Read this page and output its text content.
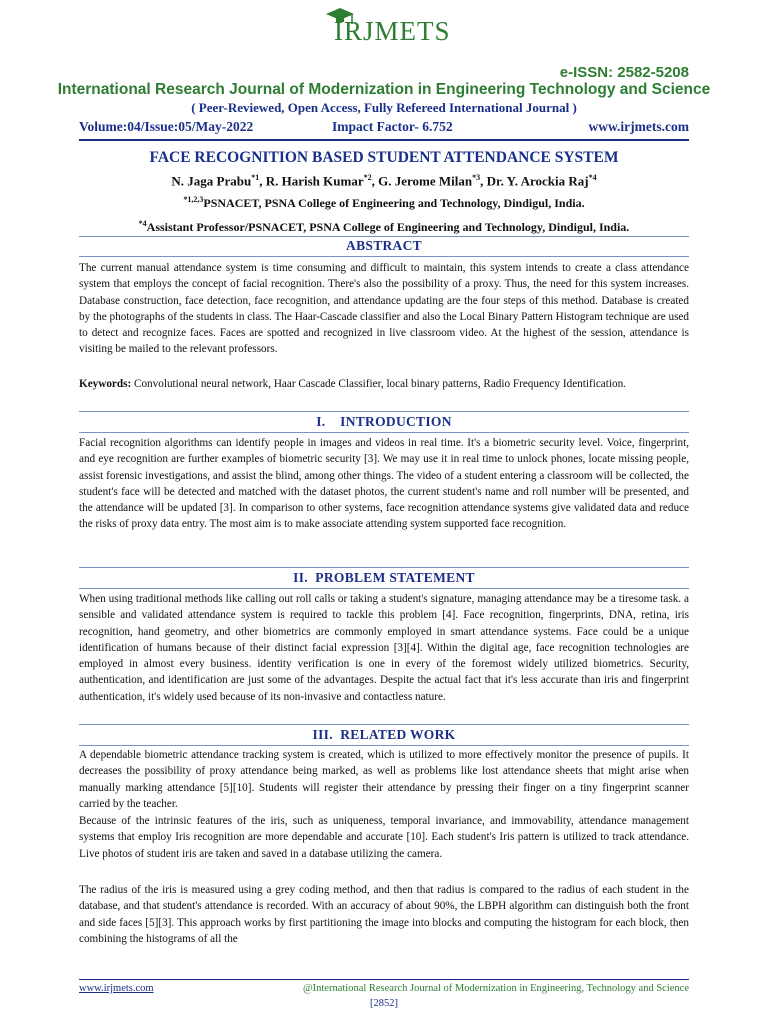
IRJMETS
e-ISSN: 2582-5208
International Research Journal of Modernization in Engineering Technology and Science
( Peer-Reviewed, Open Access, Fully Refereed International Journal )
Volume:04/Issue:05/May-2022	Impact Factor- 6.752	www.irjmets.com
FACE RECOGNITION BASED STUDENT ATTENDANCE SYSTEM
N. Jaga Prabu$^{*1}$, R. Harish Kumar$^{*2}$, G. Jerome Milan$^{*3}$, Dr. Y. Arockia Raj$^{*4}$
$^{*1,2,3}$PSNACET, PSNA College of Engineering and Technology, Dindigul, India.
$^{*4}$Assistant Professor/PSNACET, PSNA College of Engineering and Technology, Dindigul, India.
ABSTRACT
The current manual attendance system is time consuming and difficult to maintain, this system intends to create a class attendance system that employs the concept of facial recognition. There's also the possibility of a proxy. Thus, the need for this system increases. Database construction, face detection, face recognition, and attendance updating are the four steps of this method. Database is created by the photographs of the students in class. The Haar-Cascade classifier and also the Local Binary Pattern Histogram technique are used to detect and recognize faces. Faces are spotted and recognized in live classroom video. At the highest of the session, attendance is visiting be mailed to the relevant professors.
Keywords: Convolutional neural network, Haar Cascade Classifier, local binary patterns, Radio Frequency Identification.
I.    INTRODUCTION
Facial recognition algorithms can identify people in images and videos in real time. It's a biometric security level. Voice, fingerprint, and eye recognition are further examples of biometric security [3]. We may use it in real time to unlock phones, locate missing people, assist forensic investigations, and assist the blind, among other things. The video of a student entering a classroom will be collected, the student's face will be detected and matched with the dataset photos, the current student's name and roll number will be presented, and the attendance will be updated [3]. In comparison to other systems, face recognition attendance systems give validated data and reduce the risks of proxy data entry. The most aim is to make associate attending system supported face recognition.
II.  PROBLEM STATEMENT
When using traditional methods like calling out roll calls or taking a student's signature, managing attendance may be a tiresome task. a sensible and validated attendance system is required to tackle this problem [4]. Face recognition, fingerprints, DNA, retina, iris recognition, hand geometry, and other biometrics are commonly employed in smart attendance systems. Face could be a unique identification of humans because of their distinct facial expression [3][4]. Within the digital age, face recognition technologies are employed in almost every business. identity verification is one in every of the foremost widely utilized biometrics. Security, authentication, and identification are just some of the advantages. Despite the actual fact that it's less accurate than iris and fingerprint authentication, it's widely used because of its non-invasive and contactless nature.
III.  RELATED WORK
A dependable biometric attendance tracking system is created, which is utilized to more effectively monitor the presence of pupils. It decreases the possibility of proxy attendance being marked, as well as problems like lost attendance sheets that might arise when manually marking attendance [5][10]. Students will register their attendance by pressing their finger on a tiny fingerprint scanner carried by the teacher.
Because of the intrinsic features of the iris, such as uniqueness, temporal invariance, and immovability, attendance management systems that employ Iris recognition are more dependable and accurate [10]. Each student's Iris pattern is utilized to track attendance. Live photos of student iris are taken and saved in a database utilizing the camera.
The radius of the iris is measured using a grey coding method, and then that radius is compared to the radius of each student in the database, and that student's attendance is recorded. With an accuracy of about 90%, the LBPH algorithm can distinguish both the front and side faces [5][3]. This approach works by first partitioning the image into blocks and computing the histogram for each block, then combining the histograms of all the
www.irjmets.com	@International Research Journal of Modernization in Engineering, Technology and Science
[2852]
